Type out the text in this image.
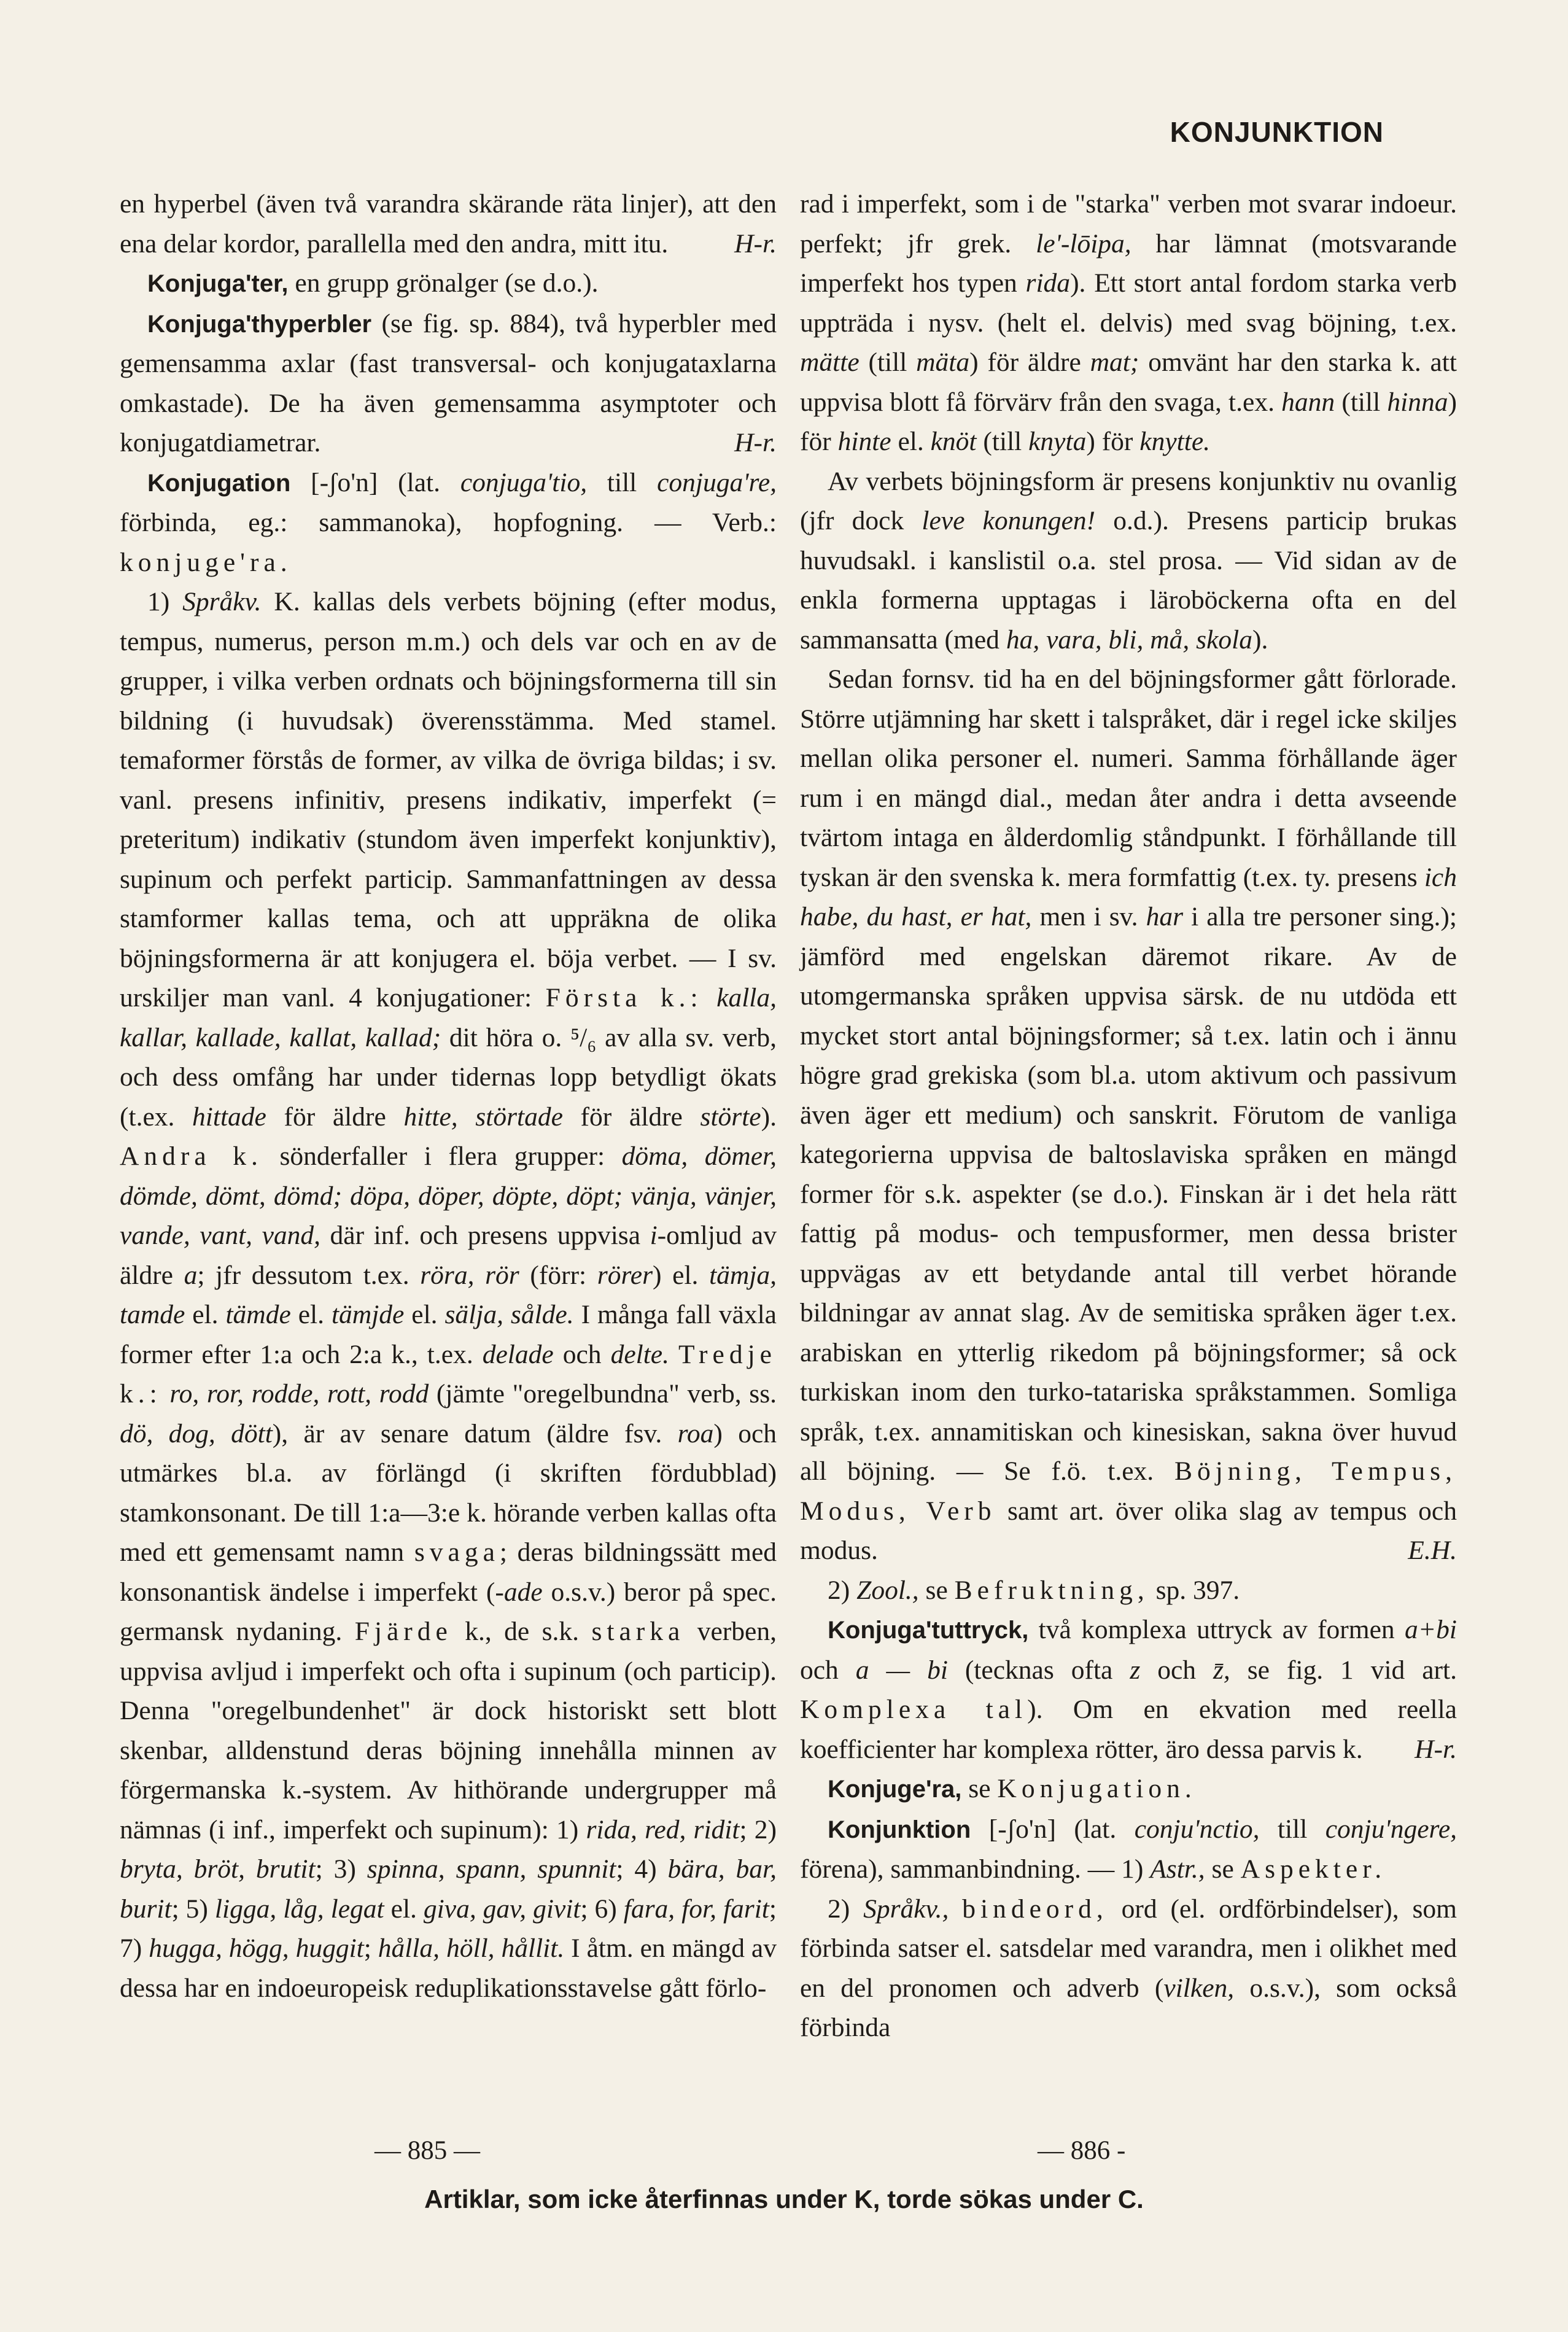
KONJUNKTION

en hyperbel (även två varandra skärande räta linjer), att den ena delar kordor, parallella med den andra, mitt itu. H-r.

Konjuga'ter, en grupp grönalger (se d.o.).

Konjuga'thyperbler (se fig. sp. 884), två hyperbler med gemensamma axlar (fast transversal- och konjugataxlarna omkastade). De ha även gemensamma asymptoter och konjugatdiametrar.	H-r.

Konjugation [-ʃo'n] (lat. conjuga'tio, till conjuga're, förbinda, eg.: sammanoka), hopfogning. — Verb.: konjuge'ra.

1) Språkv. K. kallas dels verbets böjning (efter modus, tempus, numerus, person m.m.) och dels var och en av de grupper, i vilka verben ordnats och böjningsformerna till sin bildning (i huvudsak) överensstämma. Med stamel. temaformer förstås de former, av vilka de övriga bildas; i sv. vanl. presens infinitiv, presens indikativ, imperfekt (= preteritum) indikativ (stundom även imperfekt konjunktiv), supinum och perfekt particip. Sammanfattningen av dessa stamformer kallas tema, och att uppräkna de olika böjningsformerna är att konjugera el. böja verbet. — I sv. urskiljer man vanl. 4 konjugationer: Första k.: kalla, kallar, kallade, kallat, kallad; dit höra o. ⁵/₆ av alla sv. verb, och dess omfång har under tidernas lopp betydligt ökats (t.ex. hittade för äldre hitte, störtade för äldre störte). Andra k. sönderfaller i flera grupper: döma, dömer, dömde, dömt, dömd; döpa, döper, döpte, döpt; vänja, vänjer, vande, vant, vand, där inf. och presens uppvisa i-omljud av äldre a; jfr dessutom t.ex. röra, rör (förr: rörer) el. tämja, tamde el. tämde el. tämjde el. sälja, sålde. I många fall växla former efter 1:a och 2:a k., t.ex. delade och delte. Tredje k.: ro, ror, rodde, rott, rodd (jämte "oregelbundna" verb, ss. dö, dog, dött), är av senare datum (äldre fsv. roa) och utmärkes bl.a. av förlängd (i skriften fördubblad) stamkonsonant. De till 1:a—3:e k. hörande verben kallas ofta med ett gemensamt namn svaga; deras bildningssätt med konsonantisk ändelse i imperfekt (-ade o.s.v.) beror på spec. germansk nydaning. Fjärde k., de s.k. starka verben, uppvisa avljud i imperfekt och ofta i supinum (och particip). Denna "oregelbundenhet" är dock historiskt sett blott skenbar, alldenstund deras böjning innehålla minnen av förgermanska k.-system. Av hithörande undergrupper må nämnas (i inf., imperfekt och supinum): 1) rida, red, ridit; 2) bryta, bröt, brutit; 3) spinna, spann, spunnit; 4) bära, bar, burit; 5) ligga, låg, legat el. giva, gav, givit; 6) fara, for, farit; 7) hugga, högg, huggit; hålla, höll, hållit. I åtm. en mängd av dessa har en indoeuropeisk reduplikationsstavelse gått förlo-

rad i imperfekt, som i de "starka" verben mot svarar indoeur. perfekt; jfr grek. le'-lōipa, har lämnat (motsvarande imperfekt hos typen rida). Ett stort antal fordom starka verb uppträda i nysv. (helt el. delvis) med svag böjning, t.ex. mätte (till mäta) för äldre mat; omvänt har den starka k. att uppvisa blott få förvärv från den svaga, t.ex. hann (till hinna) för hinte el. knöt (till knyta) för knytte.

Av verbets böjningsform är presens konjunktiv nu ovanlig (jfr dock leve konungen! o.d.). Presens particip brukas huvudsakl. i kanslistil o.a. stel prosa. — Vid sidan av de enkla formerna upptagas i läroböckerna ofta en del sammansatta (med ha, vara, bli, må, skola).

Sedan fornsv. tid ha en del böjningsformer gått förlorade. Större utjämning har skett i talspråket, där i regel icke skiljes mellan olika personer el. numeri. Samma förhållande äger rum i en mängd dial., medan åter andra i detta avseende tvärtom intaga en ålderdomlig ståndpunkt. I förhållande till tyskan är den svenska k. mera formfattig (t.ex. ty. presens ich habe, du hast, er hat, men i sv. har i alla tre personer sing.); jämförd med engelskan däremot rikare. Av de utomgermanska språken uppvisa särsk. de nu utdöda ett mycket stort antal böjningsformer; så t.ex. latin och i ännu högre grad grekiska (som bl.a. utom aktivum och passivum även äger ett medium) och sanskrit. Förutom de vanliga kategorierna uppvisa de baltoslaviska språken en mängd former för s.k. aspekter (se d.o.). Finskan är i det hela rätt fattig på modus- och tempusformer, men dessa brister uppvägas av ett betydande antal till verbet hörande bildningar av annat slag. Av de semitiska språken äger t.ex. arabiskan en ytterlig rikedom på böjningsformer; så ock turkiskan inom den turko-tatariska språkstammen. Somliga språk, t.ex. annamitiskan och kinesiskan, sakna över huvud all böjning. — Se f.ö. t.ex. Böjning, Tempus, Modus, Verb samt art. över olika slag av tempus och modus.	E.H.

2) Zool., se Befruktning, sp. 397.

Konjuga'tuttryck, två komplexa uttryck av formen a+bi och a — bi (tecknas ofta z och z̄, se fig. 1 vid art. Komplexa tal). Om en ekvation med reella koefficienter har komplexa rötter, äro dessa parvis k.	H-r.

Konjuge'ra, se Konjugation.

Konjunktion [-ʃo'n] (lat. conju'nctio, till conju'ngere, förena), sammanbindning. — 1) Astr., se Aspekter.

2) Språkv., bindeord, ord (el. ordförbindelser), som förbinda satser el. satsdelar med varandra, men i olikhet med en del pronomen och adverb (vilken, o.s.v.), som också förbinda

— 885 —	— 886 -
Artiklar, som icke återfinnas under K, torde sökas under C.
